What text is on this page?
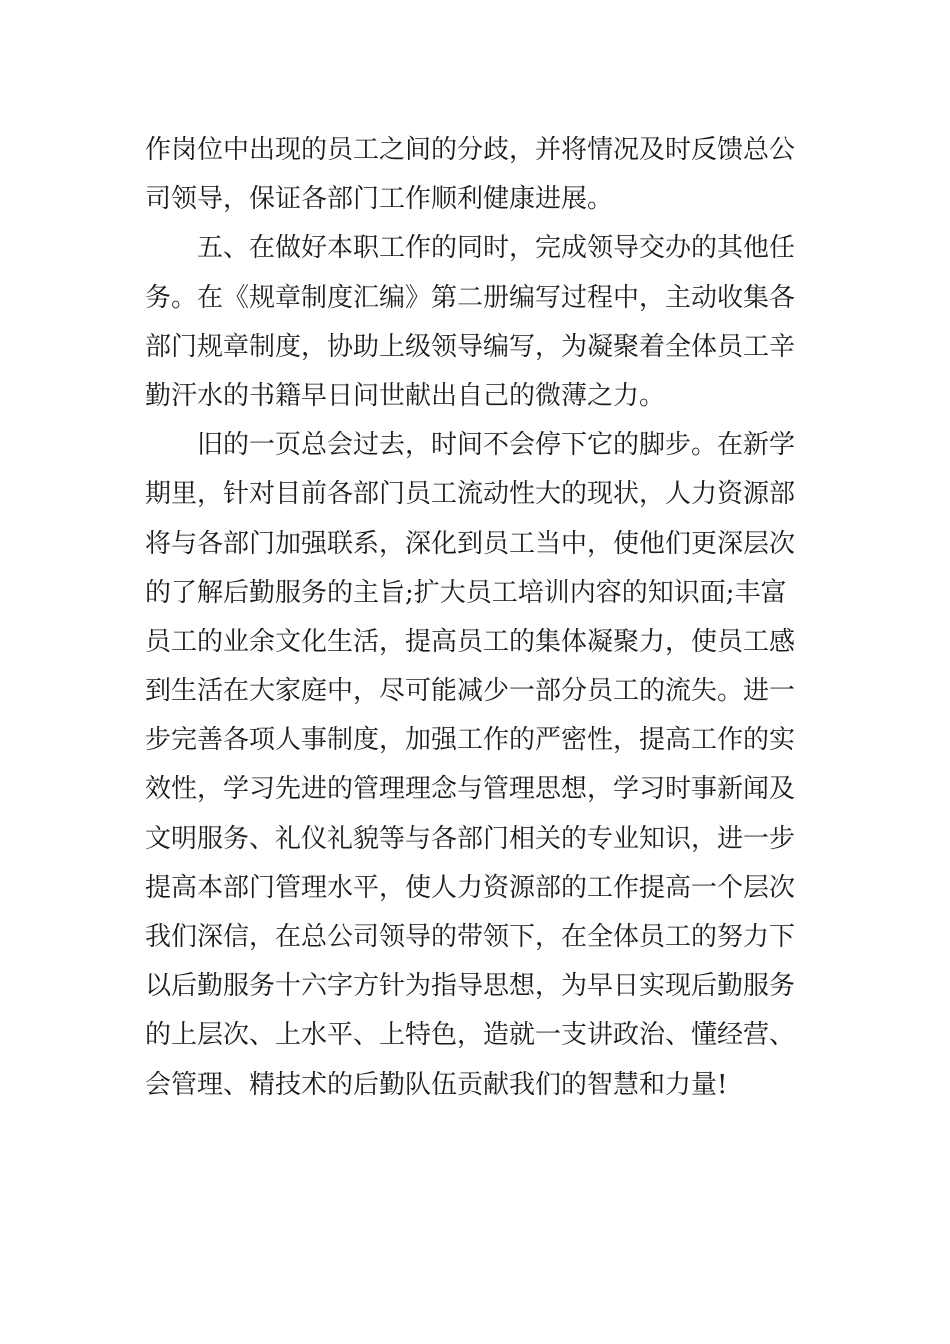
作岗位中出现的员工之间的分歧，并将情况及时反馈总公
司领导，保证各部门工作顺利健康进展。
五、在做好本职工作的同时，完成领导交办的其他任
务。在《规章制度汇编》第二册编写过程中，主动收集各
部门规章制度，协助上级领导编写，为凝聚着全体员工辛
勤汗水的书籍早日问世献出自己的微薄之力。
旧的一页总会过去，时间不会停下它的脚步。在新学
期里，针对目前各部门员工流动性大的现状，人力资源部
将与各部门加强联系，深化到员工当中，使他们更深层次
的了解后勤服务的主旨;扩大员工培训内容的知识面;丰富
员工的业余文化生活，提高员工的集体凝聚力，使员工感
到生活在大家庭中，尽可能减少一部分员工的流失。进一
步完善各项人事制度，加强工作的严密性，提高工作的实
效性，学习先进的管理理念与管理思想，学习时事新闻及
文明服务、礼仪礼貌等与各部门相关的专业知识，进一步
提高本部门管理水平，使人力资源部的工作提高一个层次
我们深信，在总公司领导的带领下，在全体员工的努力下
以后勤服务十六字方针为指导思想，为早日实现后勤服务
的上层次、上水平、上特色，造就一支讲政治、懂经营、
会管理、精技术的后勤队伍贡献我们的智慧和力量!
